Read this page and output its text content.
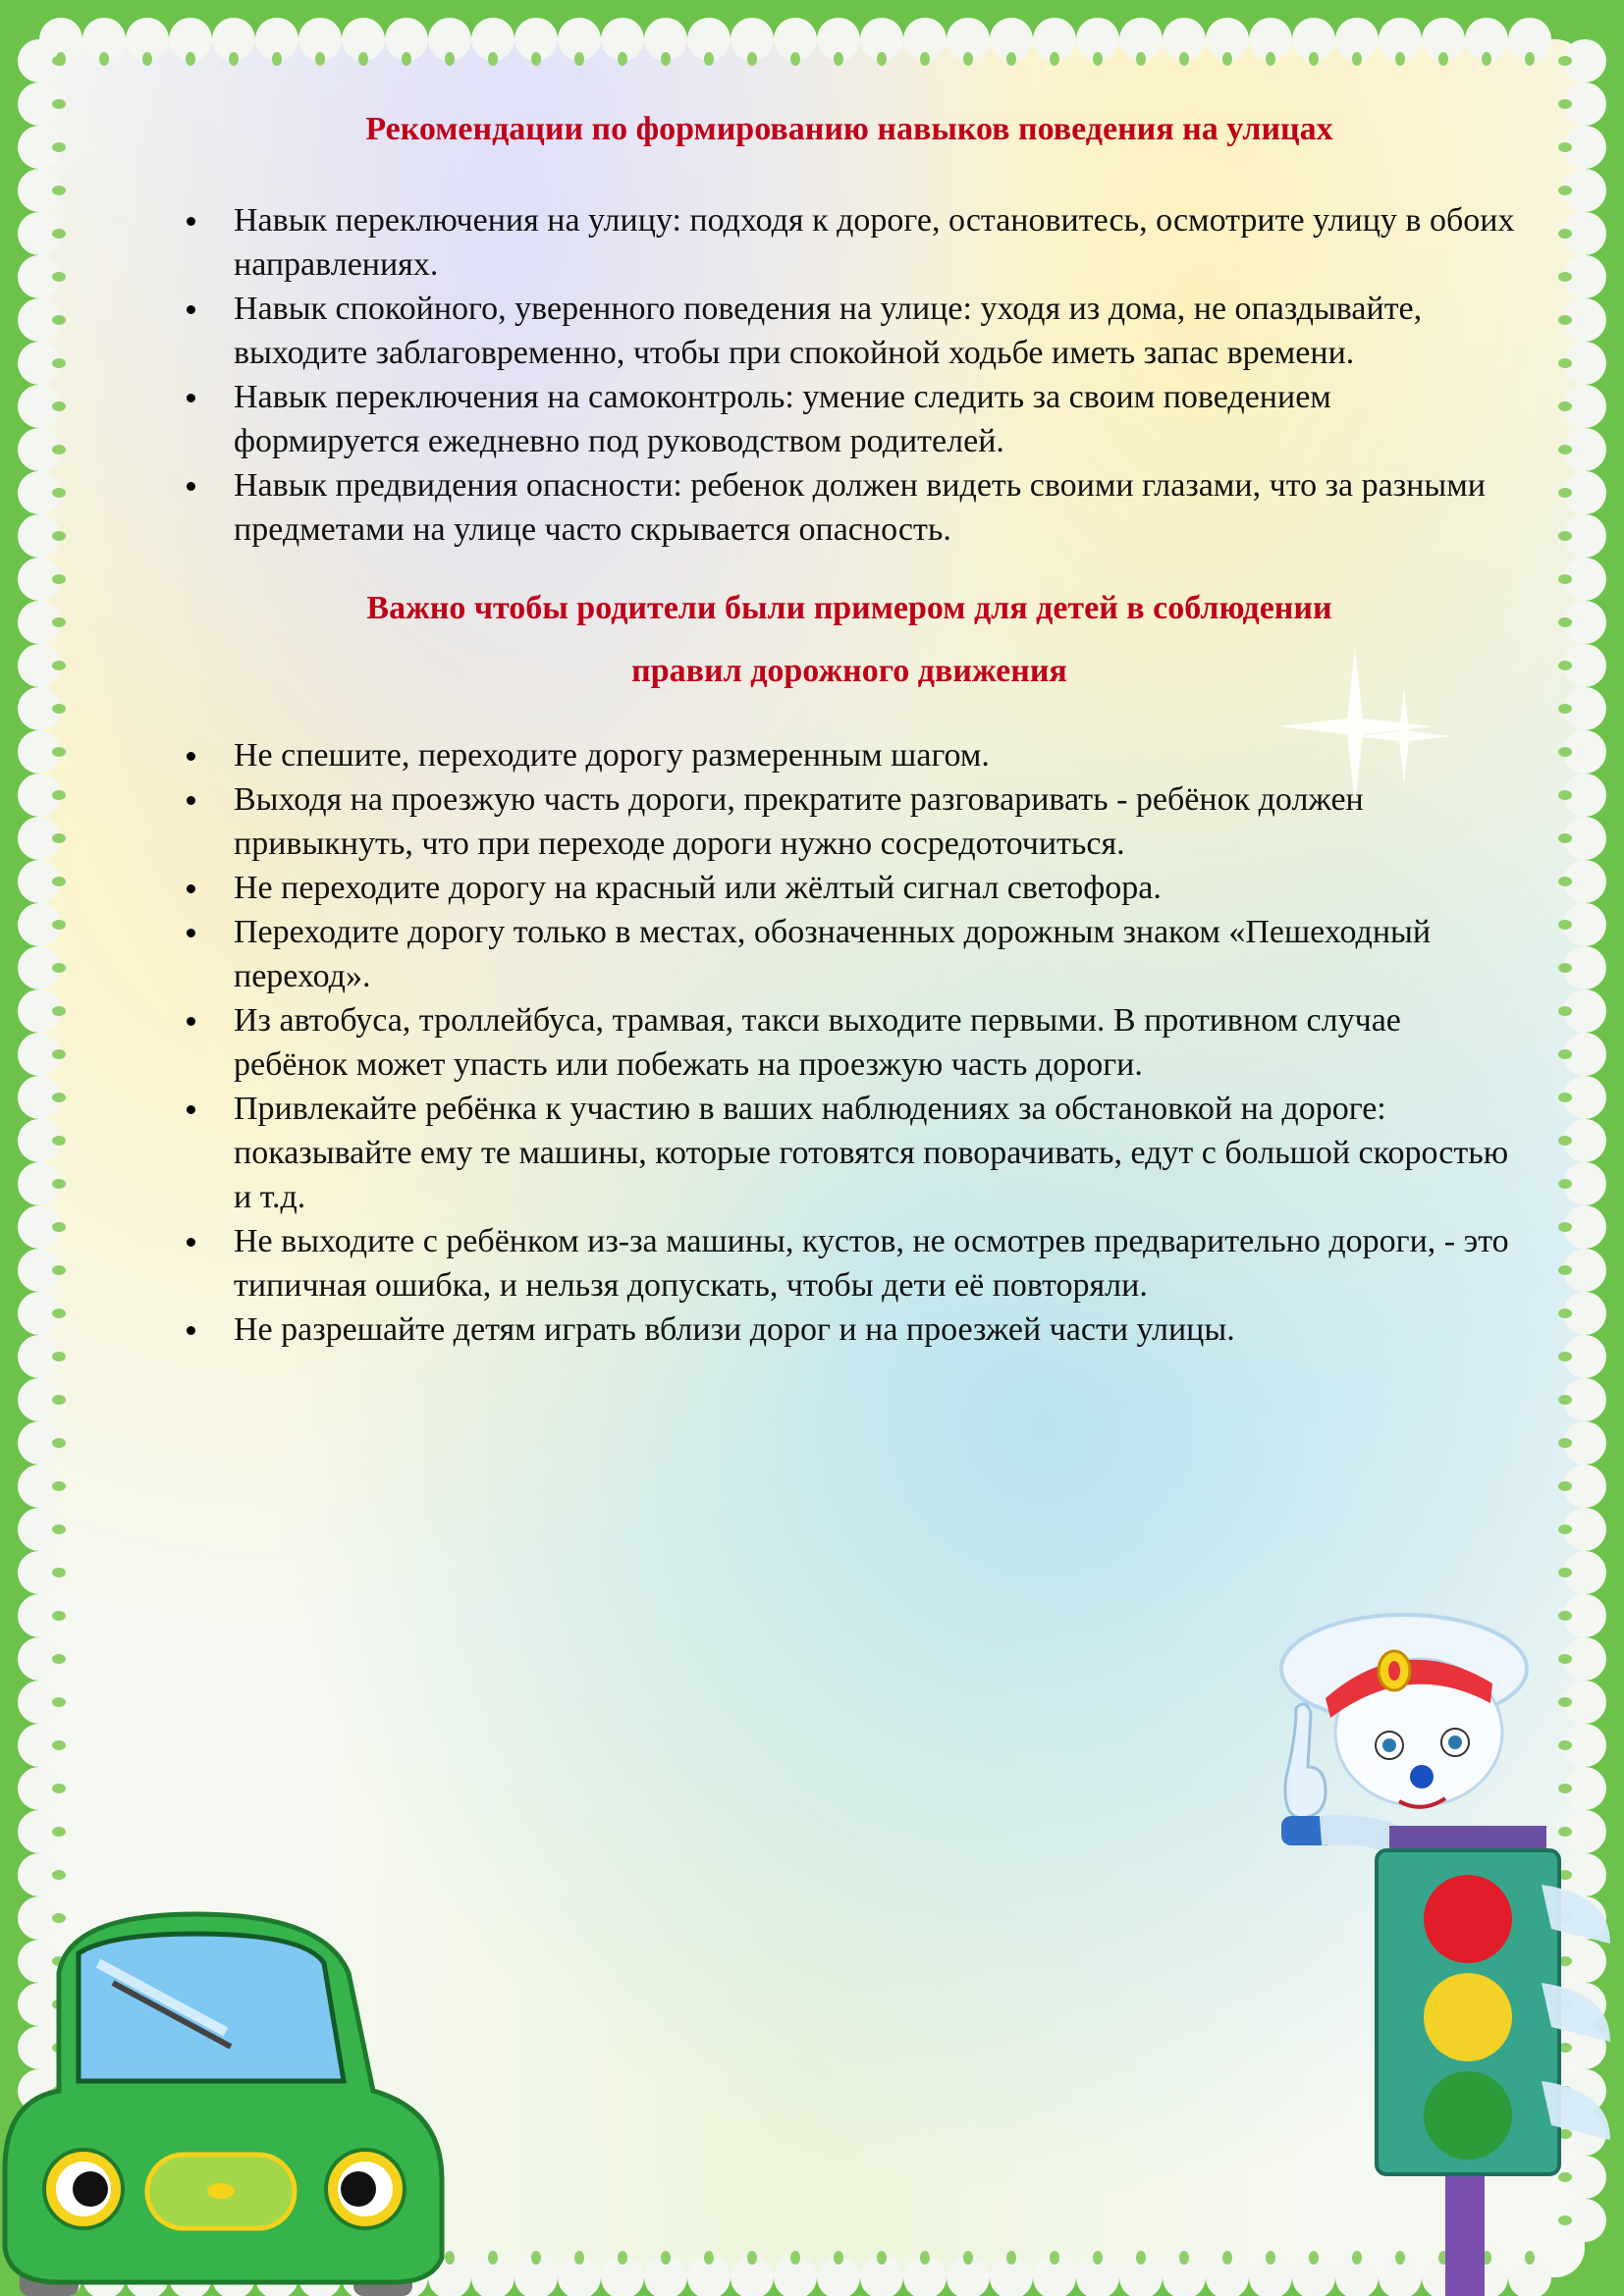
Рекомендации по формированию навыков поведения на улицах
Навык переключения на улицу: подходя к дороге, остановитесь, осмотрите улицу в обоих направлениях.
Навык спокойного, уверенного поведения на улице: уходя из дома, не опаздывайте, выходите заблаговременно, чтобы при спокойной ходьбе иметь запас времени.
Навык переключения на самоконтроль: умение следить за своим поведением формируется ежедневно под руководством родителей.
Навык предвидения опасности: ребенок должен видеть своими глазами, что за разными предметами на улице часто скрывается опасность.

Важно чтобы родители были примером для детей в соблюдении

правил дорожного движения

Не спешите, переходите дорогу размеренным шагом.
Выходя на проезжую часть дороги, прекратите разговаривать - ребёнок должен привыкнуть, что при переходе дороги нужно сосредоточиться.
Не переходите дорогу на красный или жёлтый сигнал светофора.
Переходите дорогу только в местах, обозначенных дорожным знаком «Пешеходный переход».
Из автобуса, троллейбуса, трамвая, такси выходите первыми. В противном случае ребёнок может упасть или побежать на проезжую часть дороги.
Привлекайте ребёнка к участию в ваших наблюдениях за обстановкой на дороге: показывайте ему те машины, которые готовятся поворачивать, едут с большой скоростью и т.д.
Не выходите с ребёнком из-за машины, кустов, не осмотрев предварительно дороги, - это типичная ошибка, и нельзя допускать, чтобы дети её повторяли.
Не разрешайте детям играть вблизи дорог и на проезжей части улицы.
